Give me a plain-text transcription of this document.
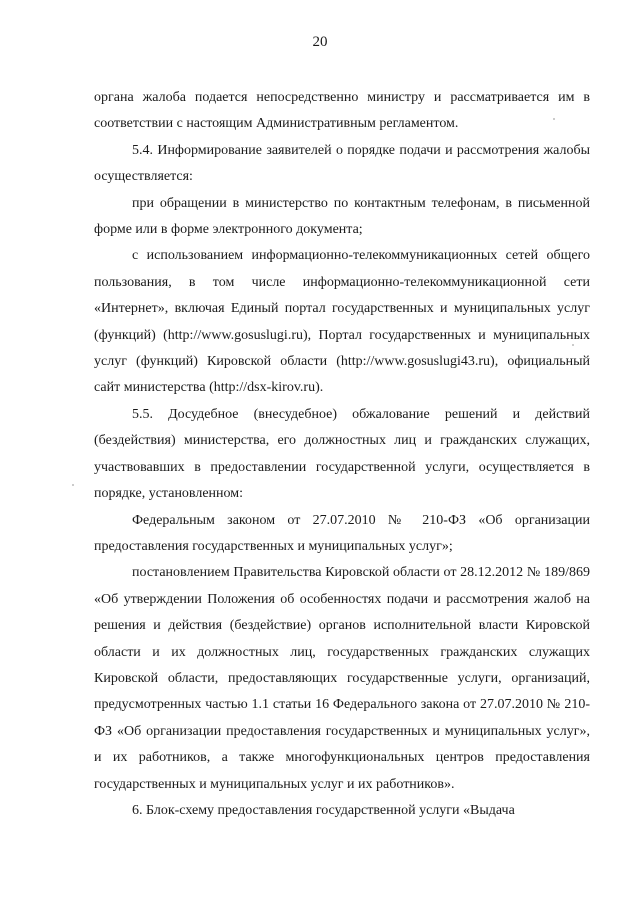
20

органа жалоба подается непосредственно министру и рассматривается им в соответствии с настоящим Административным регламентом.

5.4. Информирование заявителей о порядке подачи и рассмотрения жалобы осуществляется:

при обращении в министерство по контактным телефонам, в письменной форме или в форме электронного документа;

с использованием информационно-телекоммуникационных сетей общего пользования, в том числе информационно-телекоммуникационной сети «Интернет», включая Единый портал государственных и муниципальных услуг (функций) (http://www.gosuslugi.ru), Портал государственных и муниципальных услуг (функций) Кировской области (http://www.gosuslugi43.ru), официальный сайт министерства (http://dsx-kirov.ru).

5.5. Досудебное (внесудебное) обжалование решений и действий (бездействия) министерства, его должностных лиц и гражданских служащих, участвовавших в предоставлении государственной услуги, осуществляется в порядке, установленном:

Федеральным законом от 27.07.2010 № 210-ФЗ «Об организации предоставления государственных и муниципальных услуг»;

постановлением Правительства Кировской области от 28.12.2012 № 189/869 «Об утверждении Положения об особенностях подачи и рассмотрения жалоб на решения и действия (бездействие) органов исполнительной власти Кировской области и их должностных лиц, государственных гражданских служащих Кировской области, предоставляющих государственные услуги, организаций, предусмотренных частью 1.1 статьи 16 Федерального закона от 27.07.2010 № 210-ФЗ «Об организации предоставления государственных и муниципальных услуг», и их работников, а также многофункциональных центров предоставления государственных и муниципальных услуг и их работников».

6. Блок-схему предоставления государственной услуги «Выдача
